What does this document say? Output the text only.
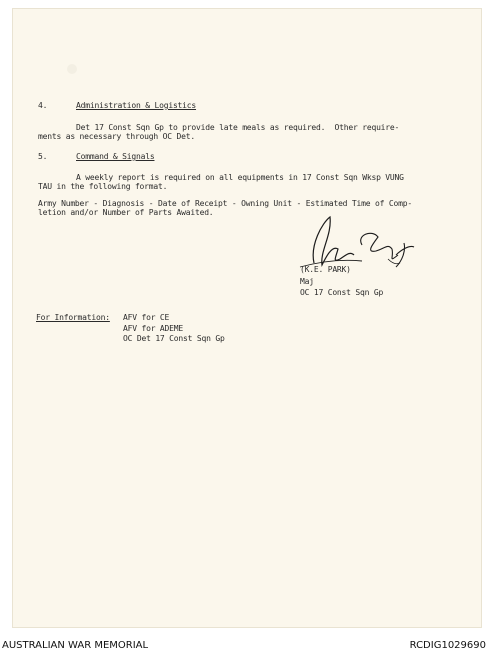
4.	Administration & Logistics
Det 17 Const Sqn Gp to provide late meals as required.  Other require-
ments as necessary through OC Det.
5.	Command & Signals
A weekly report is required on all equipments in 17 Const Sqn Wksp VUNG
TAU in the following format.
Army Number - Diagnosis - Date of Receipt - Owning Unit - Estimated Time of Comp-
letion and/or Number of Parts Awaited.
(K.E. PARK)
Maj
OC 17 Const Sqn Gp
For Information: AFV for CE
AFV for ADEME
OC Det 17 Const Sqn Gp
AUSTRALIAN WAR MEMORIAL	RCDIG1029690
